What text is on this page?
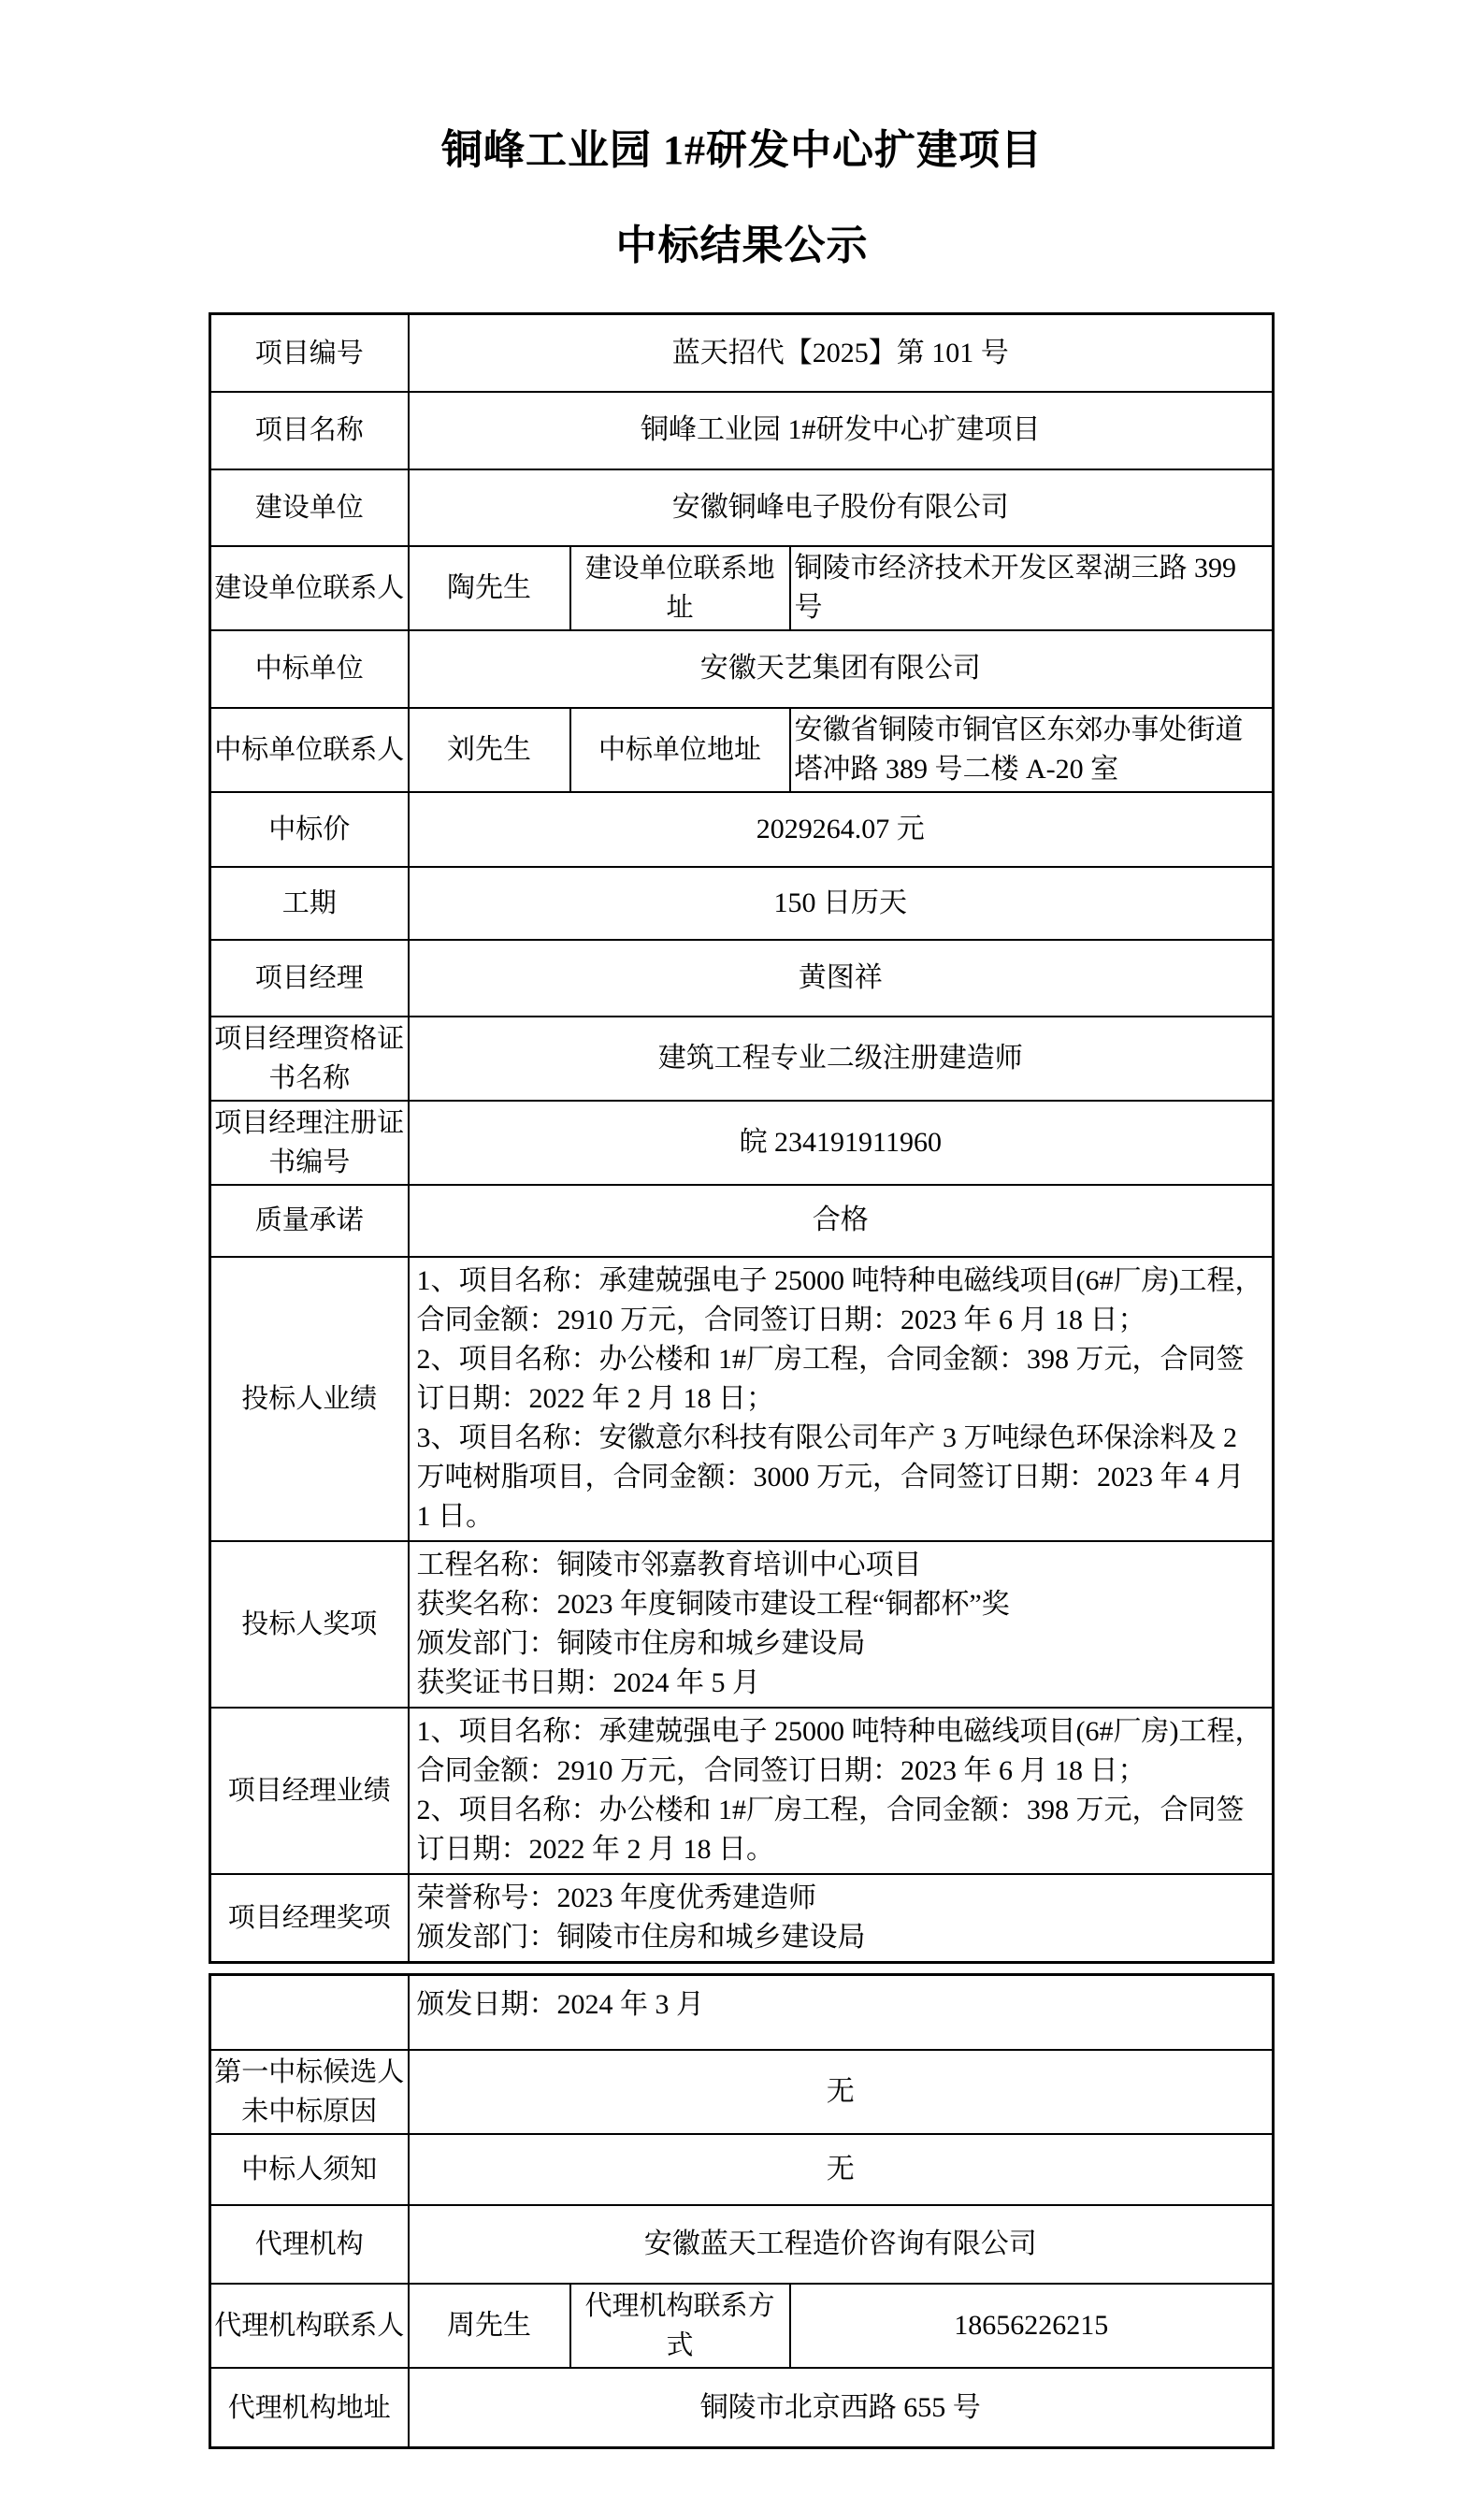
铜峰工业园 1#研发中心扩建项目
中标结果公示
项目编号	蓝天招代【2025】第 101 号		
项目名称	铜峰工业园 1#研发中心扩建项目		
建设单位	安徽铜峰电子股份有限公司		
建设单位联系人	陶先生	建设单位联系地址	铜陵市经济技术开发区翠湖三路 399 号
中标单位	安徽天艺集团有限公司		
中标单位联系人	刘先生	中标单位地址	安徽省铜陵市铜官区东郊办事处街道塔冲路 389 号二楼 A-20 室
中标价	2029264.07 元		
工期	150 日历天		
项目经理	黄图祥		
项目经理资格证书名称	建筑工程专业二级注册建造师		
项目经理注册证书编号	皖 234191911960		
质量承诺	合格		
投标人业绩	1、项目名称：承建兢强电子 25000 吨特种电磁线项目(6#厂房)工程，合同金额：2910 万元，合同签订日期：2023 年 6 月 18 日；
2、项目名称：办公楼和 1#厂房工程，合同金额：398 万元，合同签订日期：2022 年 2 月 18 日；
3、项目名称：安徽意尔科技有限公司年产 3 万吨绿色环保涂料及 2 万吨树脂项目，合同金额：3000 万元，合同签订日期：2023 年 4 月 1 日。		

投标人奖项	工程名称：铜陵市邻嘉教育培训中心项目
获奖名称：2023 年度铜陵市建设工程“铜都杯”奖
颁发部门：铜陵市住房和城乡建设局
获奖证书日期：2024 年 5 月		

项目经理业绩	1、项目名称：承建兢强电子 25000 吨特种电磁线项目(6#厂房)工程，合同金额：2910 万元，合同签订日期：2023 年 6 月 18 日；
2、项目名称：办公楼和 1#厂房工程，合同金额：398 万元，合同签订日期：2022 年 2 月 18 日。		

项目经理奖项	荣誉称号：2023 年度优秀建造师
颁发部门：铜陵市住房和城乡建设局		

	颁发日期：2024 年 3 月		

第一中标候选人未中标原因	无		
中标人须知	无		
代理机构	安徽蓝天工程造价咨询有限公司		
代理机构联系人	周先生	代理机构联系方式	18656226215
代理机构地址	铜陵市北京西路 655 号		
